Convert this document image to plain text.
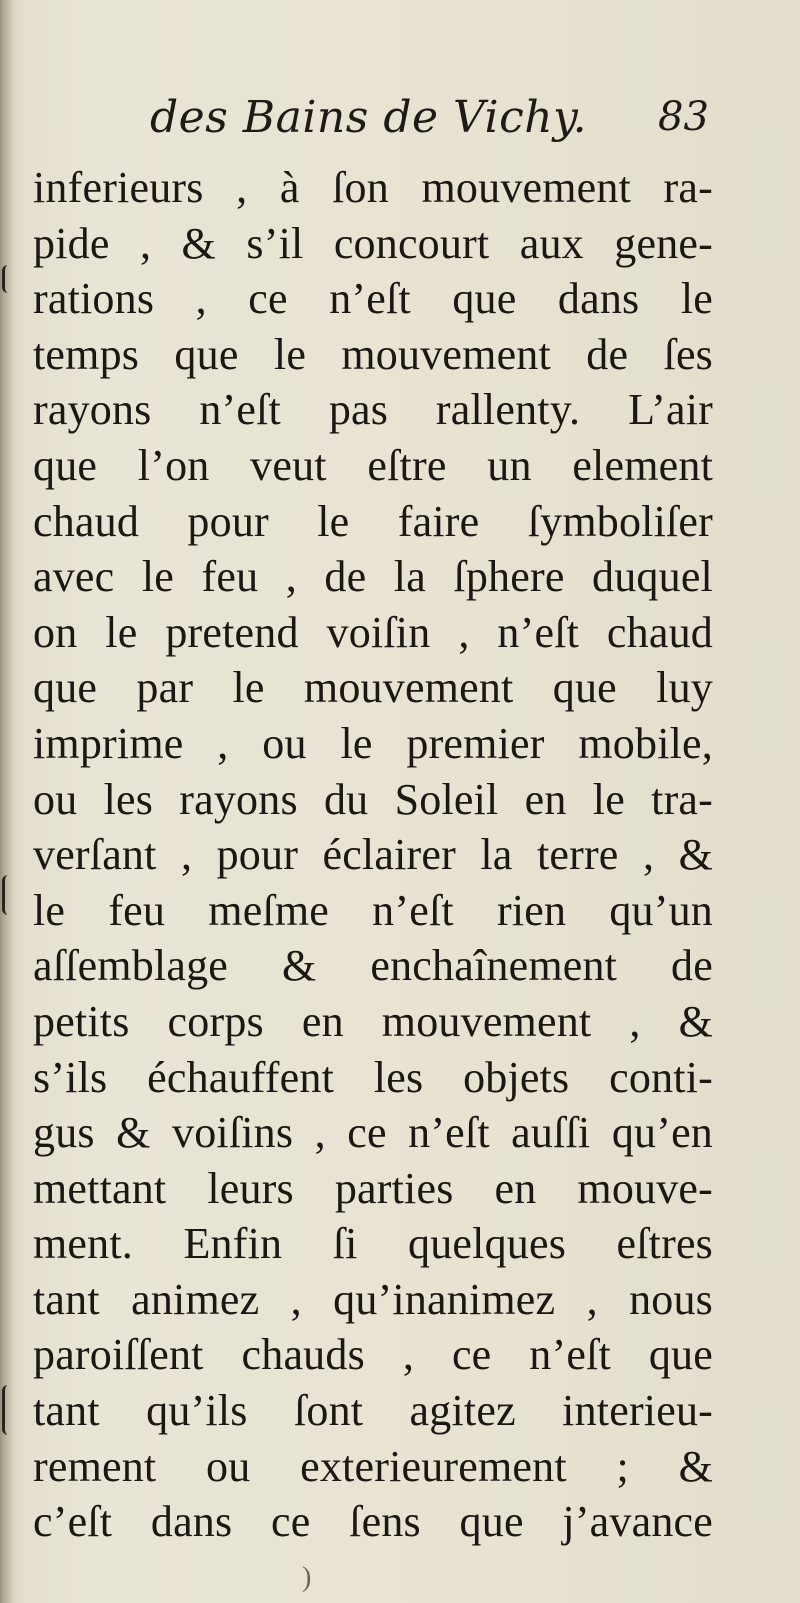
des Bains de Vichy. 83
inferieurs , à ſon mouvement ra-
pide , & s’il concourt aux gene-
rations , ce n’eſt que dans le
temps que le mouvement de ſes
rayons n’eſt pas rallenty. L’air
que l’on veut eſtre un element
chaud pour le faire ſymboliſer
avec le feu , de la ſphere duquel
on le pretend voiſin , n’eſt chaud
que par le mouvement que luy
imprime , ou le premier mobile,
ou les rayons du Soleil en le tra-
verſant , pour éclairer la terre , &
le feu meſme n’eſt rien qu’un
aſſemblage & enchaînement de
petits corps en mouvement , &
s’ils échauffent les objets conti-
gus & voiſins , ce n’eſt auſſi qu’en
mettant leurs parties en mouve-
ment. Enfin ſi quelques eſtres
tant animez , qu’inanimez , nous
paroiſſent chauds , ce n’eſt que
tant qu’ils ſont agitez interieu-
rement ou exterieurement ; &
c’eſt dans ce ſens que j’avance
)
